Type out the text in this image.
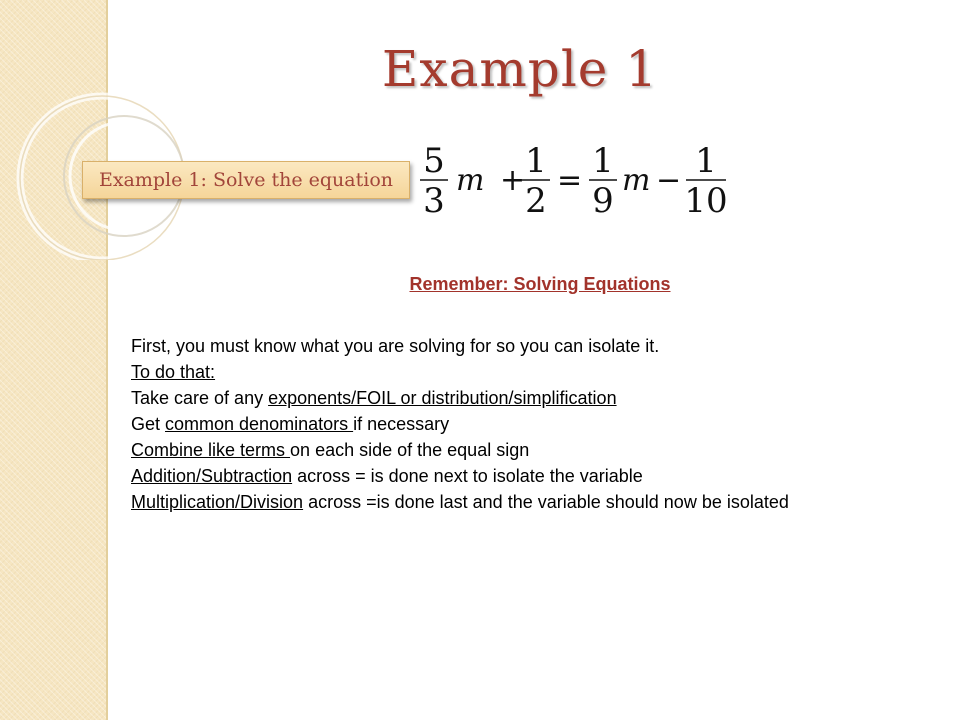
Example 1
Example 1: Solve the equation 5
3
m + 1
2
= 1
9
m − 1
10
Remember: Solving Equations

First, you must know what you are solving for so you can isolate it.

To do that:

Take care of any exponents/FOIL or distribution/simplification

Get common denominators if necessary

Combine like terms on each side of the equal sign

Addition/Subtraction across = is done next to isolate the variable

Multiplication/Division across =is done last and the variable should now be isolated
